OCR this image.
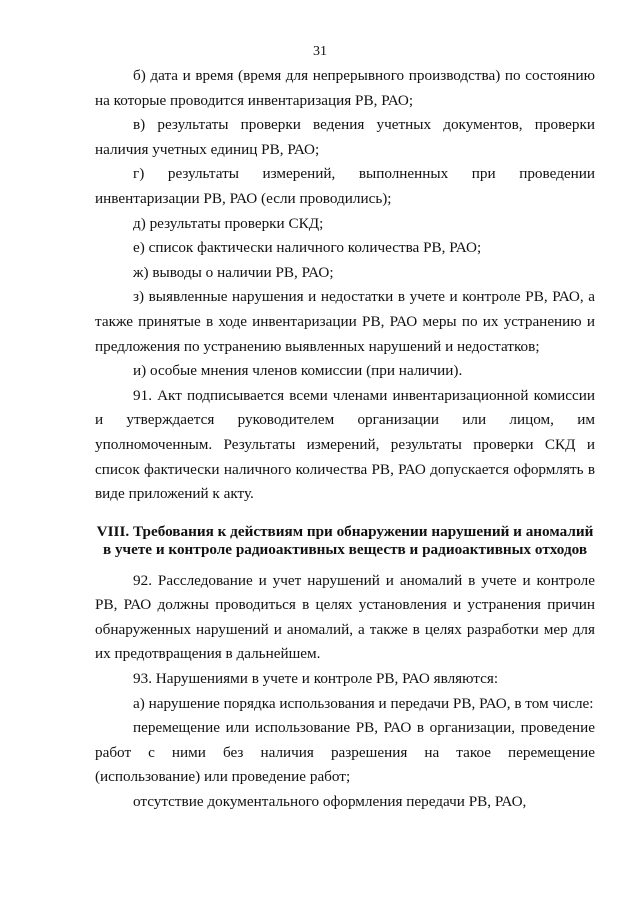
31

б) дата и время (время для непрерывного производства) по состоянию на которые проводится инвентаризация РВ, РАО;

в) результаты проверки ведения учетных документов, проверки наличия учетных единиц РВ, РАО;

г) результаты измерений, выполненных при проведении инвентаризации РВ, РАО (если проводились);

д) результаты проверки СКД;

е) список фактически наличного количества РВ, РАО;

ж) выводы о наличии РВ, РАО;

з) выявленные нарушения и недостатки в учете и контроле РВ, РАО, а также принятые в ходе инвентаризации РВ, РАО меры по их устранению и предложения по устранению выявленных нарушений и недостатков;

и) особые мнения членов комиссии (при наличии).

91. Акт подписывается всеми членами инвентаризационной комиссии и утверждается руководителем организации или лицом, им уполномоченным. Результаты измерений, результаты проверки СКД и список фактически наличного количества РВ, РАО допускается оформлять в виде приложений к акту.

VIII. Требования к действиям при обнаружении нарушений и аномалий
в учете и контроле радиоактивных веществ и радиоактивных отходов

92. Расследование и учет нарушений и аномалий в учете и контроле РВ, РАО должны проводиться в целях установления и устранения причин обнаруженных нарушений и аномалий, а также в целях разработки мер для их предотвращения в дальнейшем.

93. Нарушениями в учете и контроле РВ, РАО являются:

а) нарушение порядка использования и передачи РВ, РАО, в том числе:

перемещение или использование РВ, РАО в организации, проведение работ с ними без наличия разрешения на такое перемещение (использование) или проведение работ;

отсутствие документального оформления передачи РВ, РАО,
